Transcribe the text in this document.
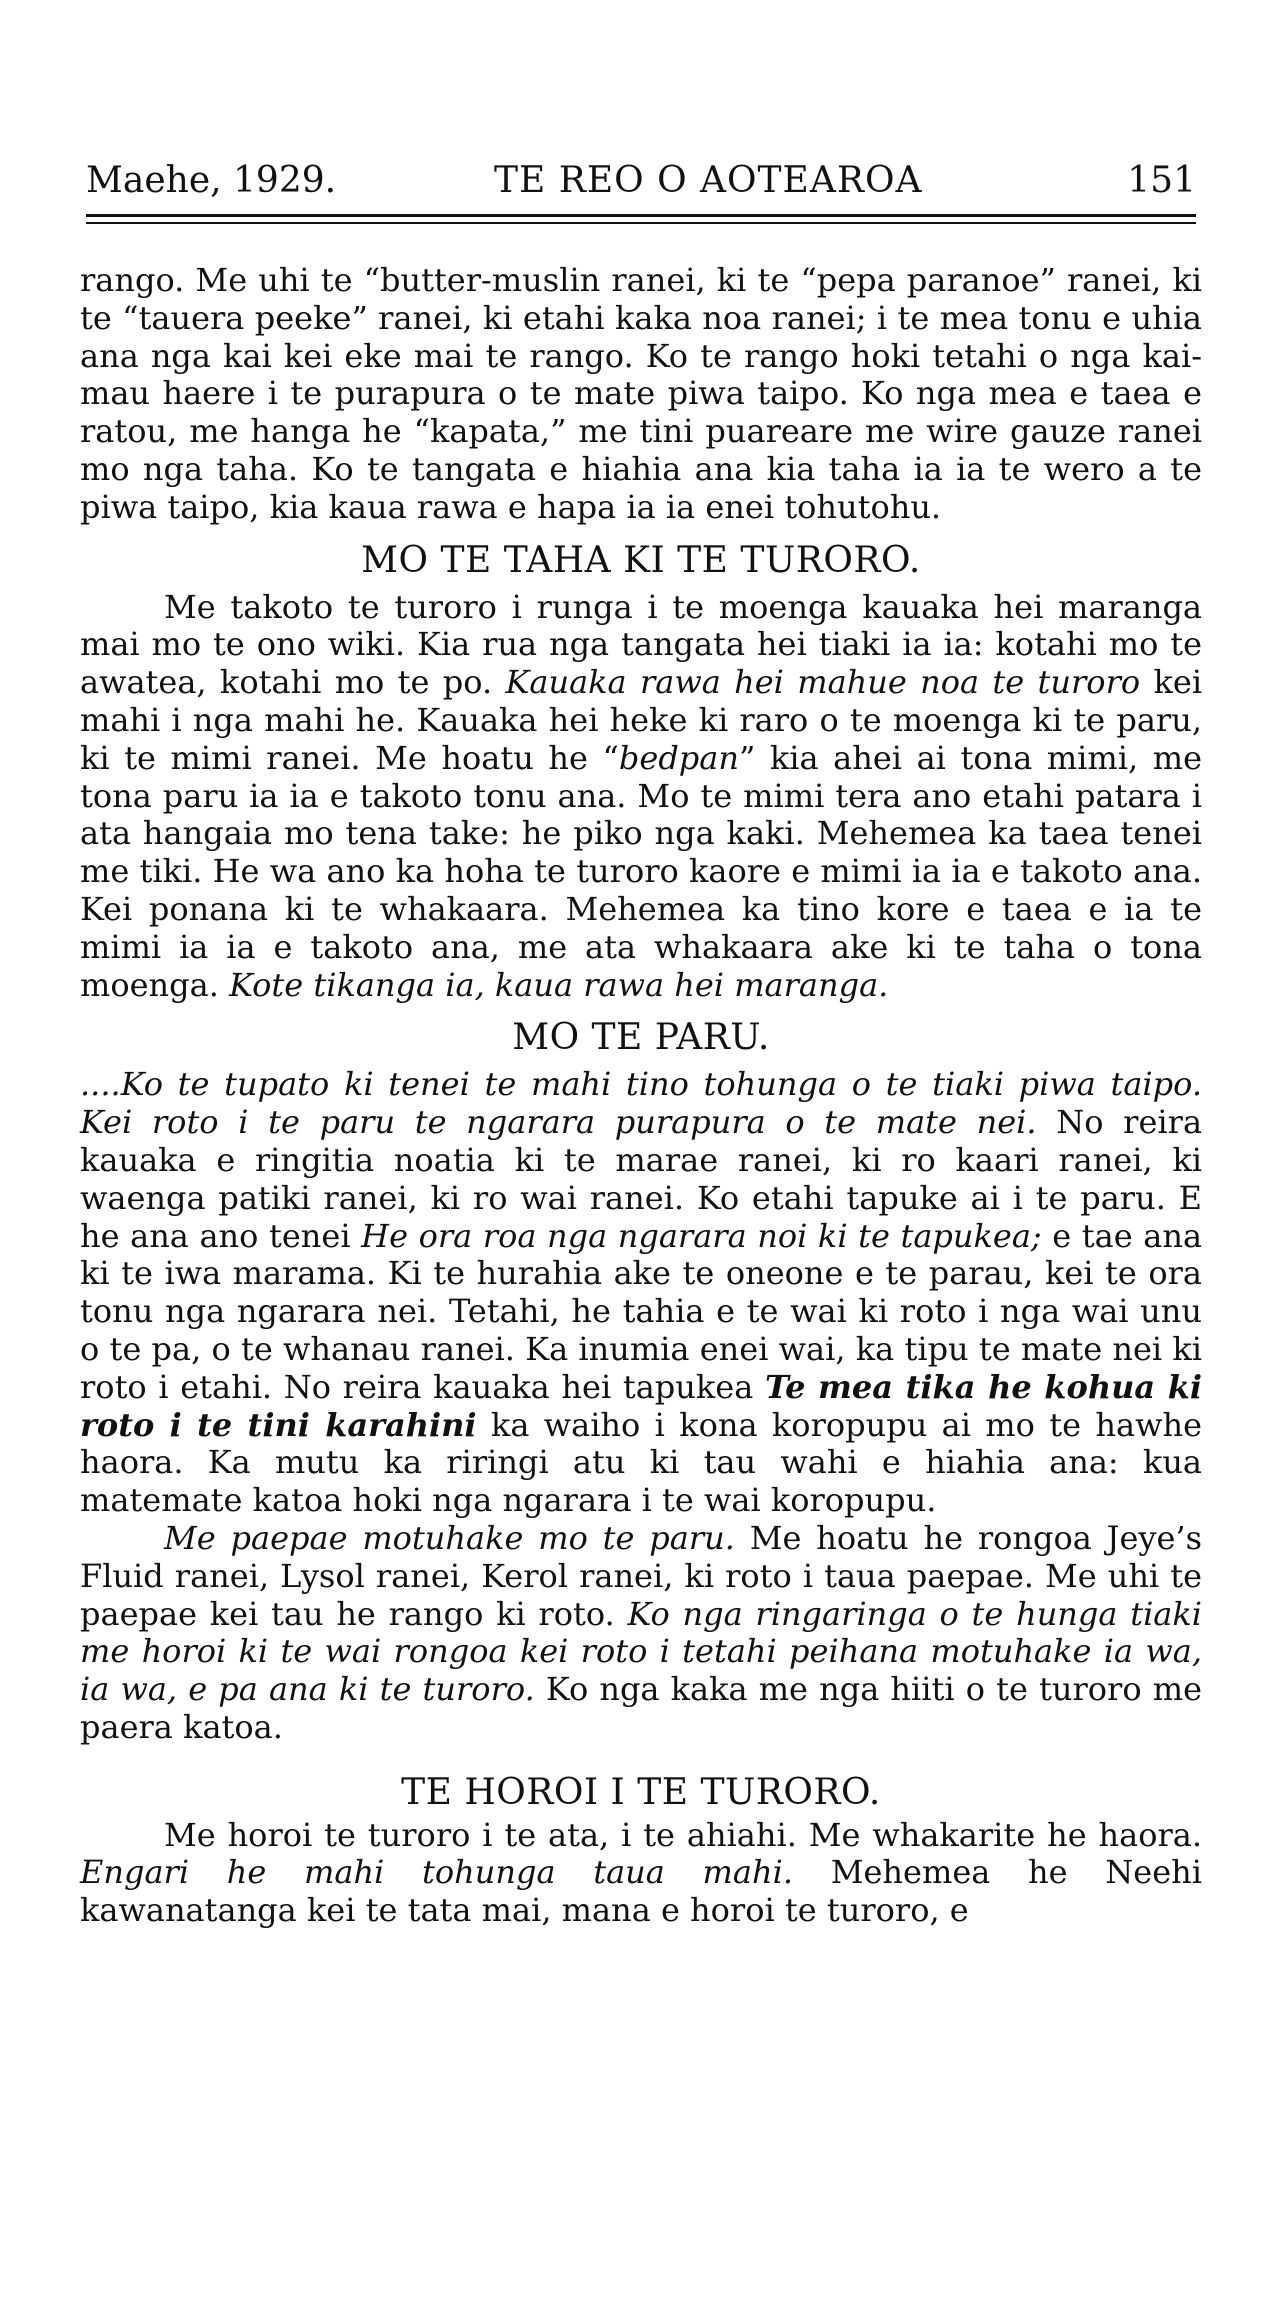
Maehe, 1929.	TE REO O AOTEAROA	151

rango. Me uhi te “butter-muslin ranei, ki te “pepa paranoe” ranei, ki te “tauera peeke” ranei, ki etahi kaka noa ranei; i te mea tonu e uhia ana nga kai kei eke mai te rango. Ko te rango hoki tetahi o nga kai-mau haere i te purapura o te mate piwa taipo. Ko nga mea e taea e ratou, me hanga he “kapata,” me tini puareare me wire gauze ranei mo nga taha. Ko te tangata e hiahia ana kia taha ia ia te wero a te piwa taipo, kia kaua rawa e hapa ia ia enei tohutohu.

MO TE TAHA KI TE TURORO.

Me takoto te turoro i runga i te moenga kauaka hei maranga mai mo te ono wiki. Kia rua nga tangata hei tiaki ia ia: kotahi mo te awatea, kotahi mo te po. Kauaka rawa hei mahue noa te turoro kei mahi i nga mahi he. Kauaka hei heke ki raro o te moenga ki te paru, ki te mimi ranei. Me hoatu he “bedpan” kia ahei ai tona mimi, me tona paru ia ia e takoto tonu ana. Mo te mimi tera ano etahi patara i ata hangaia mo tena take: he piko nga kaki. Mehemea ka taea tenei me tiki. He wa ano ka hoha te turoro kaore e mimi ia ia e takoto ana. Kei ponana ki te whakaara. Mehemea ka tino kore e taea e ia te mimi ia ia e takoto ana, me ata whakaara ake ki te taha o tona moenga. Kote tikanga ia, kaua rawa hei maranga.

MO TE PARU.

....Ko te tupato ki tenei te mahi tino tohunga o te tiaki piwa taipo. Kei roto i te paru te ngarara purapura o te mate nei. No reira kauaka e ringitia noatia ki te marae ranei, ki ro kaari ranei, ki waenga patiki ranei, ki ro wai ranei. Ko etahi tapuke ai i te paru. E he ana ano tenei He ora roa nga ngarara noi ki te tapukea; e tae ana ki te iwa marama. Ki te hurahia ake te oneone e te parau, kei te ora tonu nga ngarara nei. Tetahi, he tahia e te wai ki roto i nga wai unu o te pa, o te whanau ranei. Ka inumia enei wai, ka tipu te mate nei ki roto i etahi. No reira kauaka hei tapukea Te mea tika he kohua ki roto i te tini karahini ka waiho i kona koropupu ai mo te hawhe haora. Ka mutu ka riringi atu ki tau wahi e hiahia ana: kua matemate katoa hoki nga ngarara i te wai koropupu.

Me paepae motuhake mo te paru. Me hoatu he rongoa Jeye’s Fluid ranei, Lysol ranei, Kerol ranei, ki roto i taua paepae. Me uhi te paepae kei tau he rango ki roto. Ko nga ringaringa o te hunga tiaki me horoi ki te wai rongoa kei roto i tetahi peihana motuhake ia wa, ia wa, e pa ana ki te turoro. Ko nga kaka me nga hiiti o te turoro me paera katoa.

TE HOROI I TE TURORO.

Me horoi te turoro i te ata, i te ahiahi. Me whakarite he haora. Engari he mahi tohunga taua mahi. Mehemea he Neehi kawanatanga kei te tata mai, mana e horoi te turoro, e
